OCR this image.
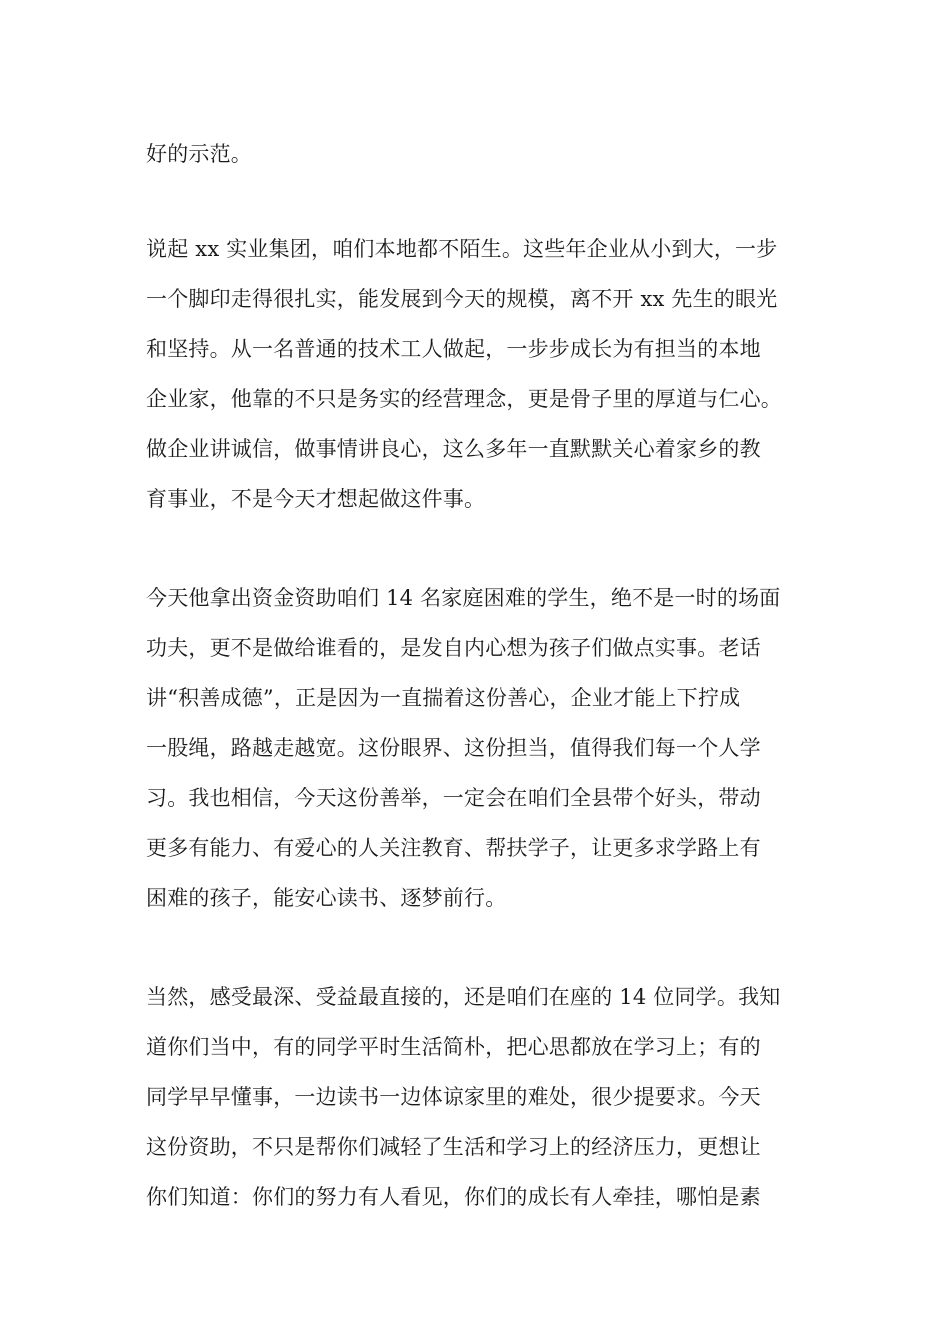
好的示范。
说起 xx 实业集团，咱们本地都不陌生。这些年企业从小到大，一步
一个脚印走得很扎实，能发展到今天的规模，离不开 xx 先生的眼光
和坚持。从一名普通的技术工人做起，一步步成长为有担当的本地
企业家，他靠的不只是务实的经营理念，更是骨子里的厚道与仁心。
做企业讲诚信，做事情讲良心，这么多年一直默默关心着家乡的教
育事业，不是今天才想起做这件事。
今天他拿出资金资助咱们 14 名家庭困难的学生，绝不是一时的场面
功夫，更不是做给谁看的，是发自内心想为孩子们做点实事。老话
讲“积善成德”，正是因为一直揣着这份善心，企业才能上下拧成
一股绳，路越走越宽。这份眼界、这份担当，值得我们每一个人学
习。我也相信，今天这份善举，一定会在咱们全县带个好头，带动
更多有能力、有爱心的人关注教育、帮扶学子，让更多求学路上有
困难的孩子，能安心读书、逐梦前行。
当然，感受最深、受益最直接的，还是咱们在座的 14 位同学。我知
道你们当中，有的同学平时生活简朴，把心思都放在学习上；有的
同学早早懂事，一边读书一边体谅家里的难处，很少提要求。今天
这份资助，不只是帮你们减轻了生活和学习上的经济压力，更想让
你们知道：你们的努力有人看见，你们的成长有人牵挂，哪怕是素
